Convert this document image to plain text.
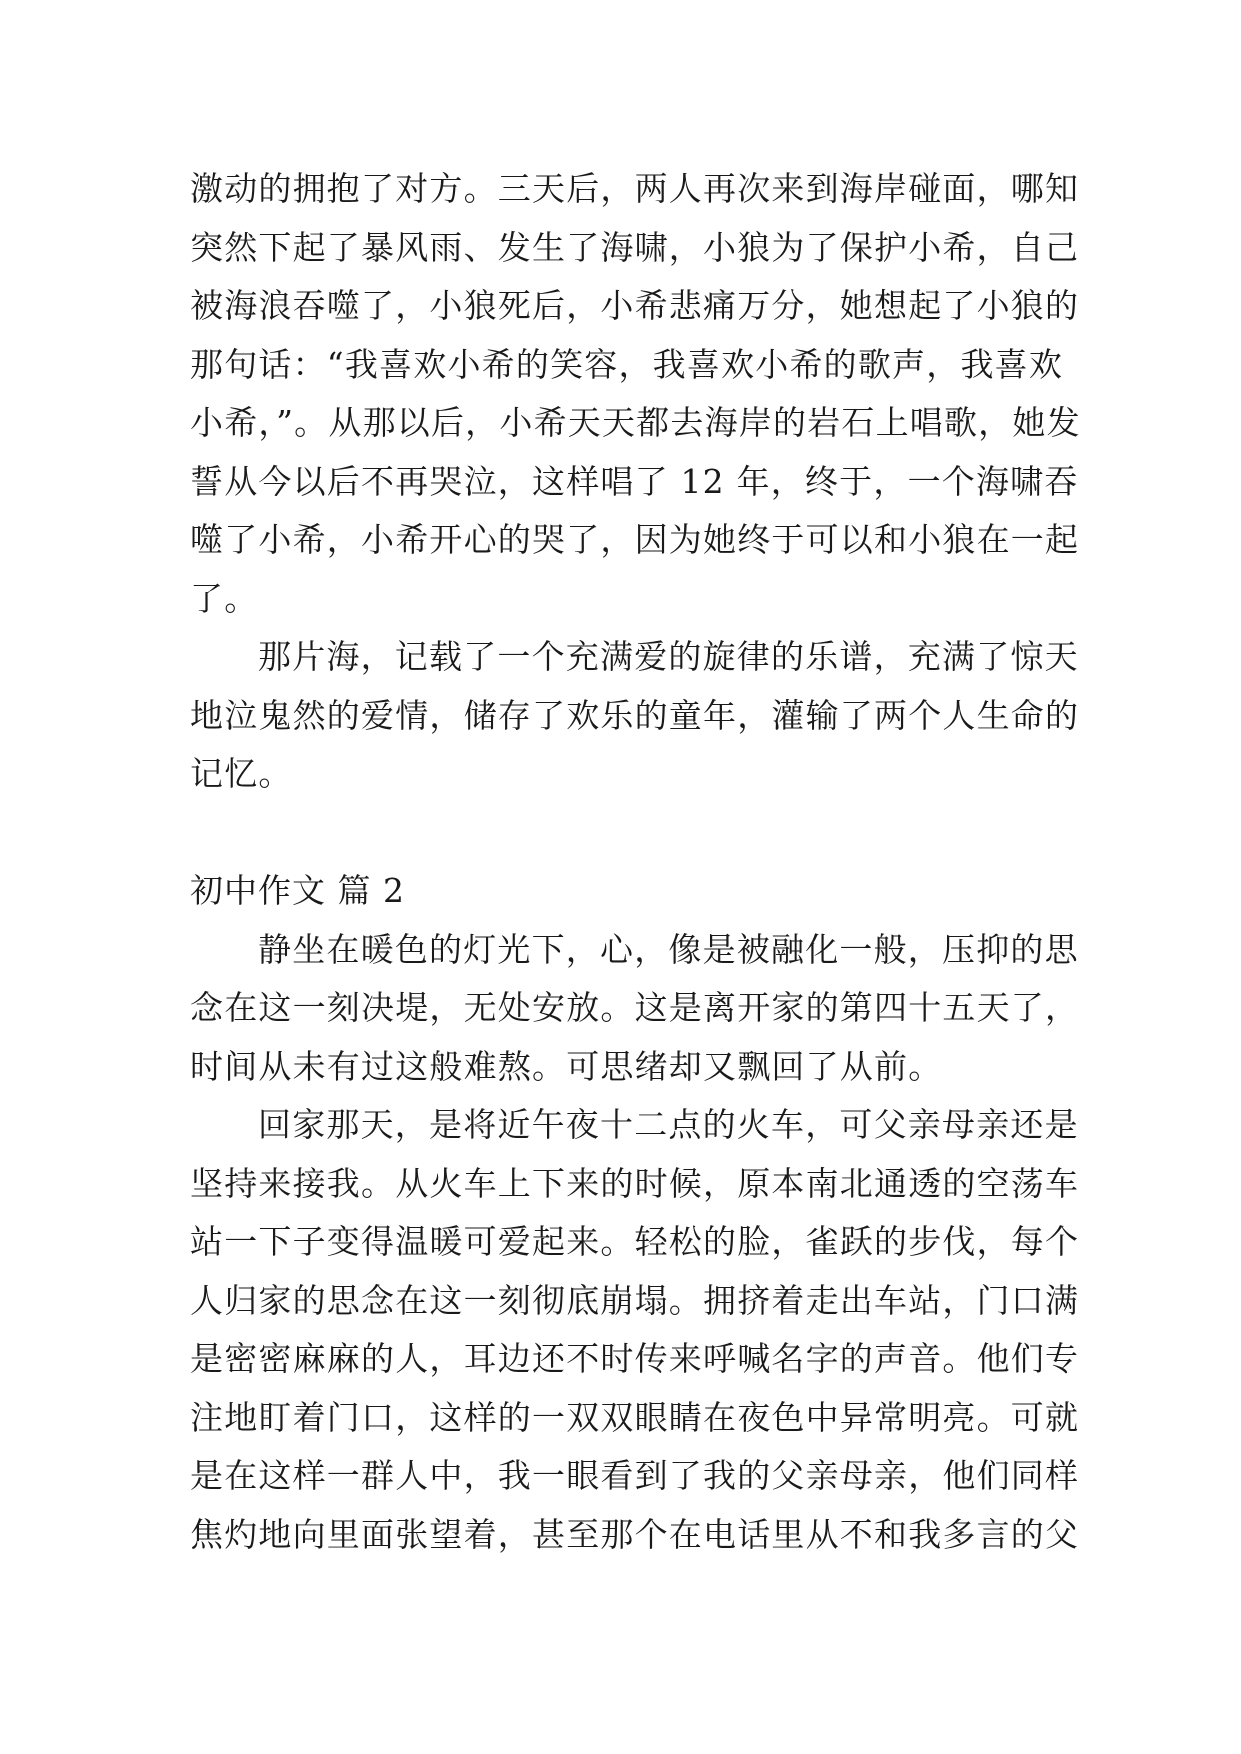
激动的拥抱了对方。三天后，两人再次来到海岸碰面，哪知
突然下起了暴风雨、发生了海啸，小狼为了保护小希，自己
被海浪吞噬了，小狼死后，小希悲痛万分，她想起了小狼的
那句话：“我喜欢小希的笑容，我喜欢小希的歌声，我喜欢
小希，”。从那以后，小希天天都去海岸的岩石上唱歌，她发
誓从今以后不再哭泣，这样唱了 12 年，终于，一个海啸吞
噬了小希，小希开心的哭了，因为她终于可以和小狼在一起
了。
那片海，记载了一个充满爱的旋律的乐谱，充满了惊天
地泣鬼然的爱情，储存了欢乐的童年，灌输了两个人生命的
记忆。
初中作文 篇 2
静坐在暖色的灯光下，心，像是被融化一般，压抑的思
念在这一刻决堤，无处安放。这是离开家的第四十五天了，
时间从未有过这般难熬。可思绪却又飘回了从前。
回家那天，是将近午夜十二点的火车，可父亲母亲还是
坚持来接我。从火车上下来的时候，原本南北通透的空荡车
站一下子变得温暖可爱起来。轻松的脸，雀跃的步伐，每个
人归家的思念在这一刻彻底崩塌。拥挤着走出车站，门口满
是密密麻麻的人，耳边还不时传来呼喊名字的声音。他们专
注地盯着门口，这样的一双双眼睛在夜色中异常明亮。可就
是在这样一群人中，我一眼看到了我的父亲母亲，他们同样
焦灼地向里面张望着，甚至那个在电话里从不和我多言的父
